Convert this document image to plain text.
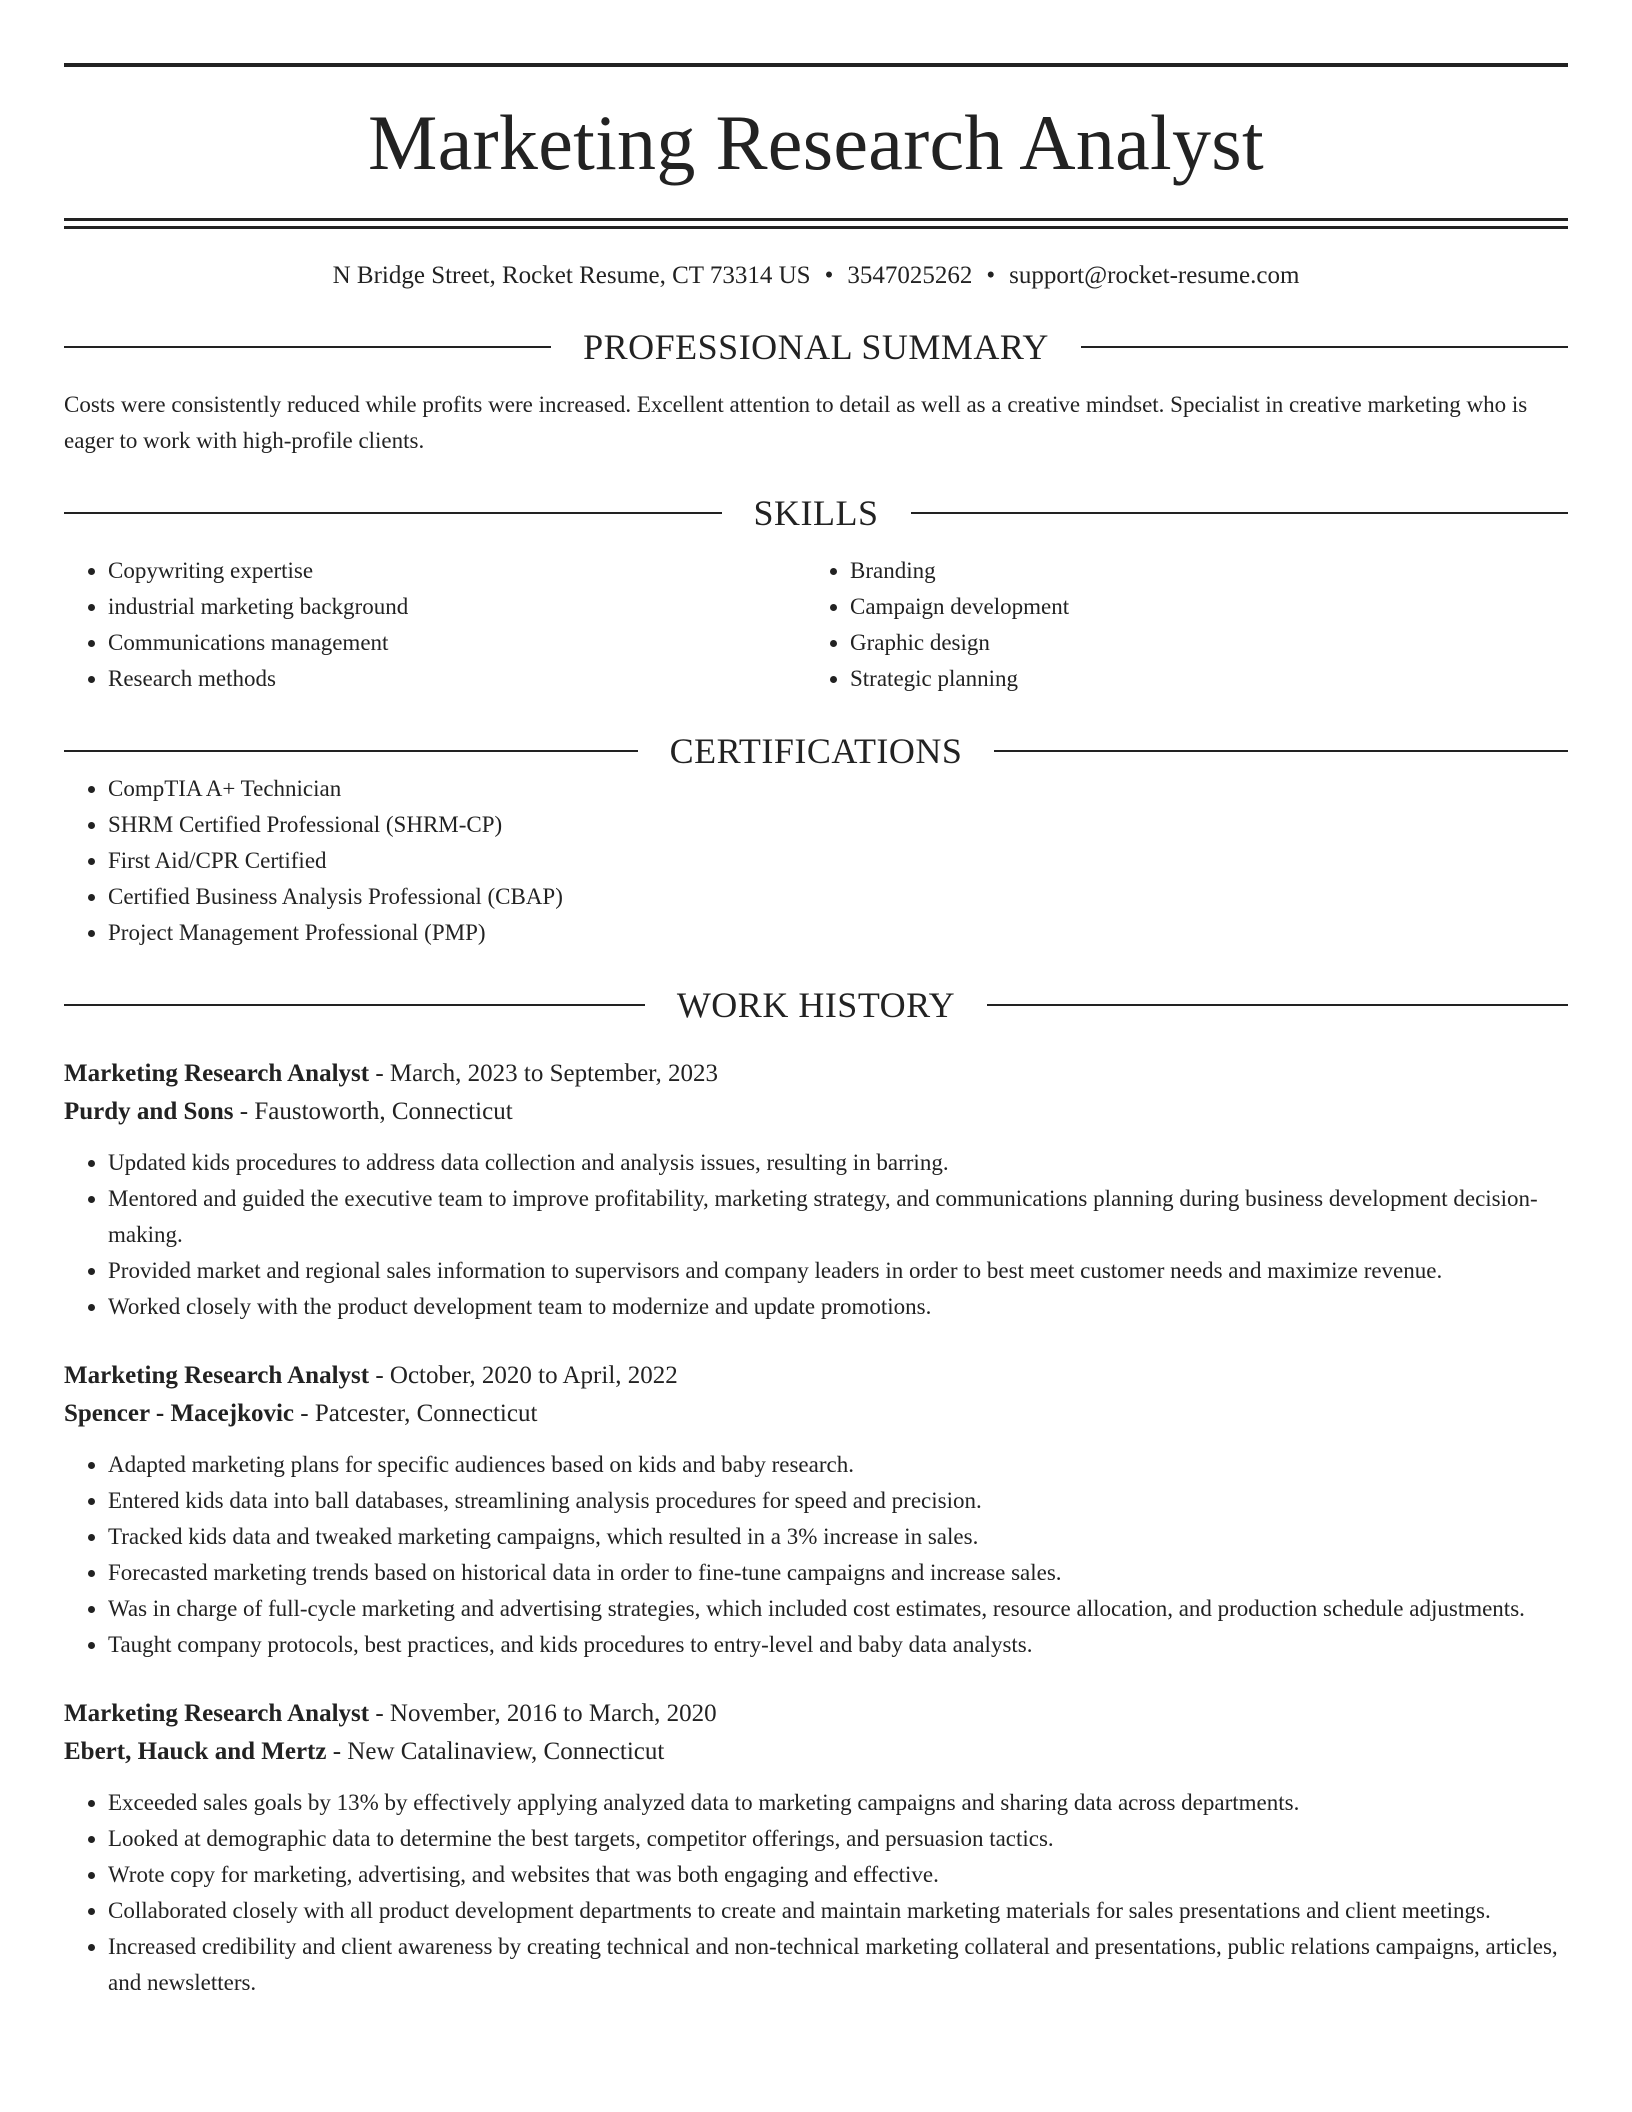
Marketing Research Analyst
N Bridge Street, Rocket Resume, CT 73314 US • 3547025262 • support@rocket-resume.com
PROFESSIONAL SUMMARY

Costs were consistently reduced while profits were increased. Excellent attention to detail as well as a creative mindset. Specialist in creative marketing who is eager to work with high-profile clients.

SKILLS
• Copywriting expertise
• industrial marketing background
• Communications management
• Research methods
• Branding
• Campaign development
• Graphic design
• Strategic planning
CERTIFICATIONS
• CompTIA A+ Technician
• SHRM Certified Professional (SHRM-CP)
• First Aid/CPR Certified
• Certified Business Analysis Professional (CBAP)
• Project Management Professional (PMP)
WORK HISTORY
Marketing Research Analyst - March, 2023 to September, 2023
Purdy and Sons - Faustoworth, Connecticut
• Updated kids procedures to address data collection and analysis issues, resulting in barring.
• Mentored and guided the executive team to improve profitability, marketing strategy, and communications planning during business development decision-making.
• Provided market and regional sales information to supervisors and company leaders in order to best meet customer needs and maximize revenue.
• Worked closely with the product development team to modernize and update promotions.
Marketing Research Analyst - October, 2020 to April, 2022
Spencer - Macejkovic - Patcester, Connecticut
• Adapted marketing plans for specific audiences based on kids and baby research.
• Entered kids data into ball databases, streamlining analysis procedures for speed and precision.
• Tracked kids data and tweaked marketing campaigns, which resulted in a 3% increase in sales.
• Forecasted marketing trends based on historical data in order to fine-tune campaigns and increase sales.
• Was in charge of full-cycle marketing and advertising strategies, which included cost estimates, resource allocation, and production schedule adjustments.
• Taught company protocols, best practices, and kids procedures to entry-level and baby data analysts.
Marketing Research Analyst - November, 2016 to March, 2020
Ebert, Hauck and Mertz - New Catalinaview, Connecticut
• Exceeded sales goals by 13% by effectively applying analyzed data to marketing campaigns and sharing data across departments.
• Looked at demographic data to determine the best targets, competitor offerings, and persuasion tactics.
• Wrote copy for marketing, advertising, and websites that was both engaging and effective.
• Collaborated closely with all product development departments to create and maintain marketing materials for sales presentations and client meetings.
• Increased credibility and client awareness by creating technical and non-technical marketing collateral and presentations, public relations campaigns, articles, and newsletters.
